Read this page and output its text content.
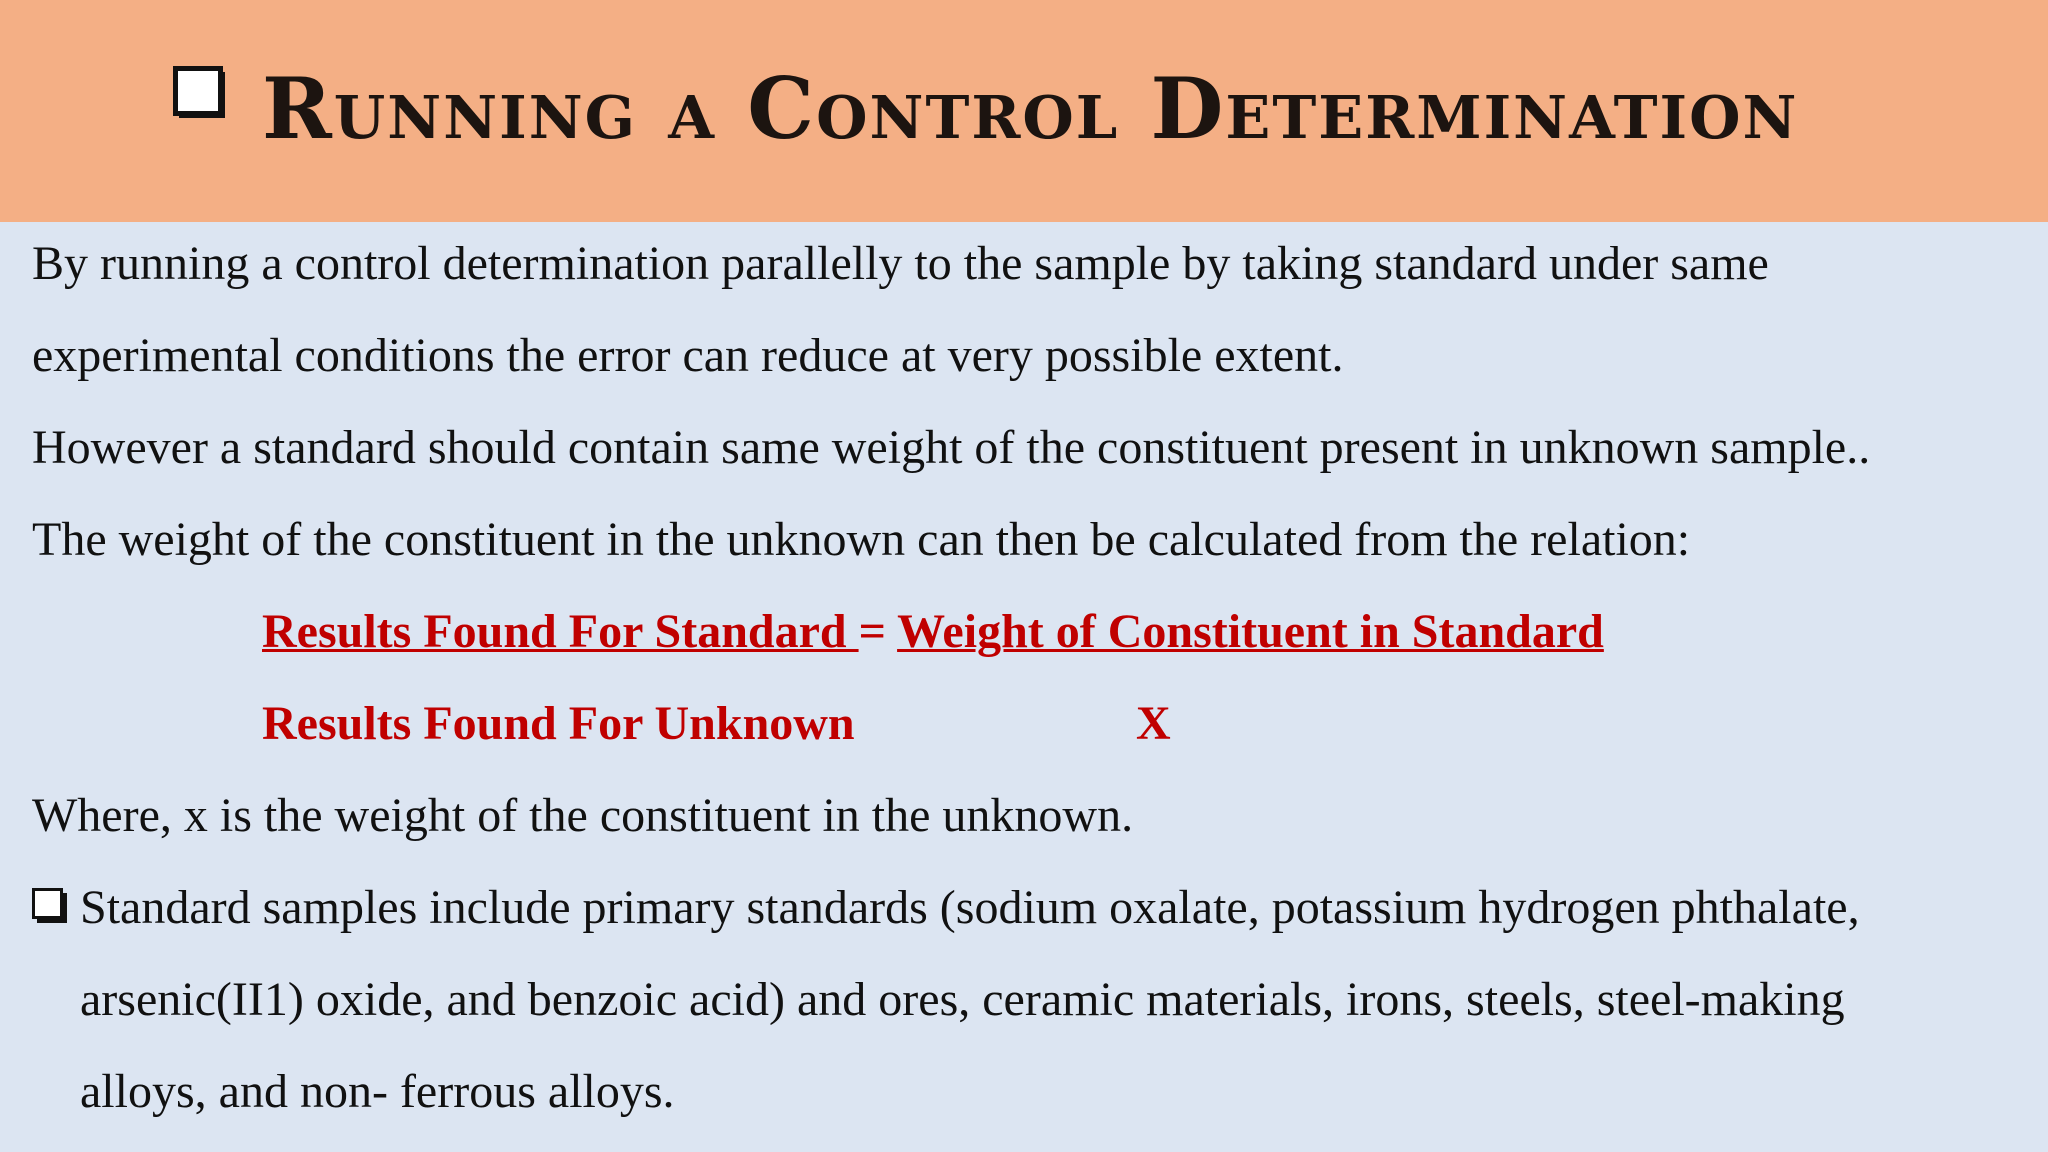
Running a Control Determination
By running a control determination parallelly to the sample by taking standard under same
experimental conditions the error can reduce at very possible extent.
However a standard should contain same weight of the constituent present in unknown sample..
The weight of the constituent in the unknown can then be calculated from the relation:
Results Found For Standard = Weight of Constituent in Standard
Results Found For Unknown	X
Where, x is the weight of the constituent in the unknown.
Standard samples include primary standards (sodium oxalate, potassium hydrogen phthalate,
arsenic(II1) oxide, and benzoic acid) and ores, ceramic materials, irons, steels, steel-making
alloys, and non- ferrous alloys.
